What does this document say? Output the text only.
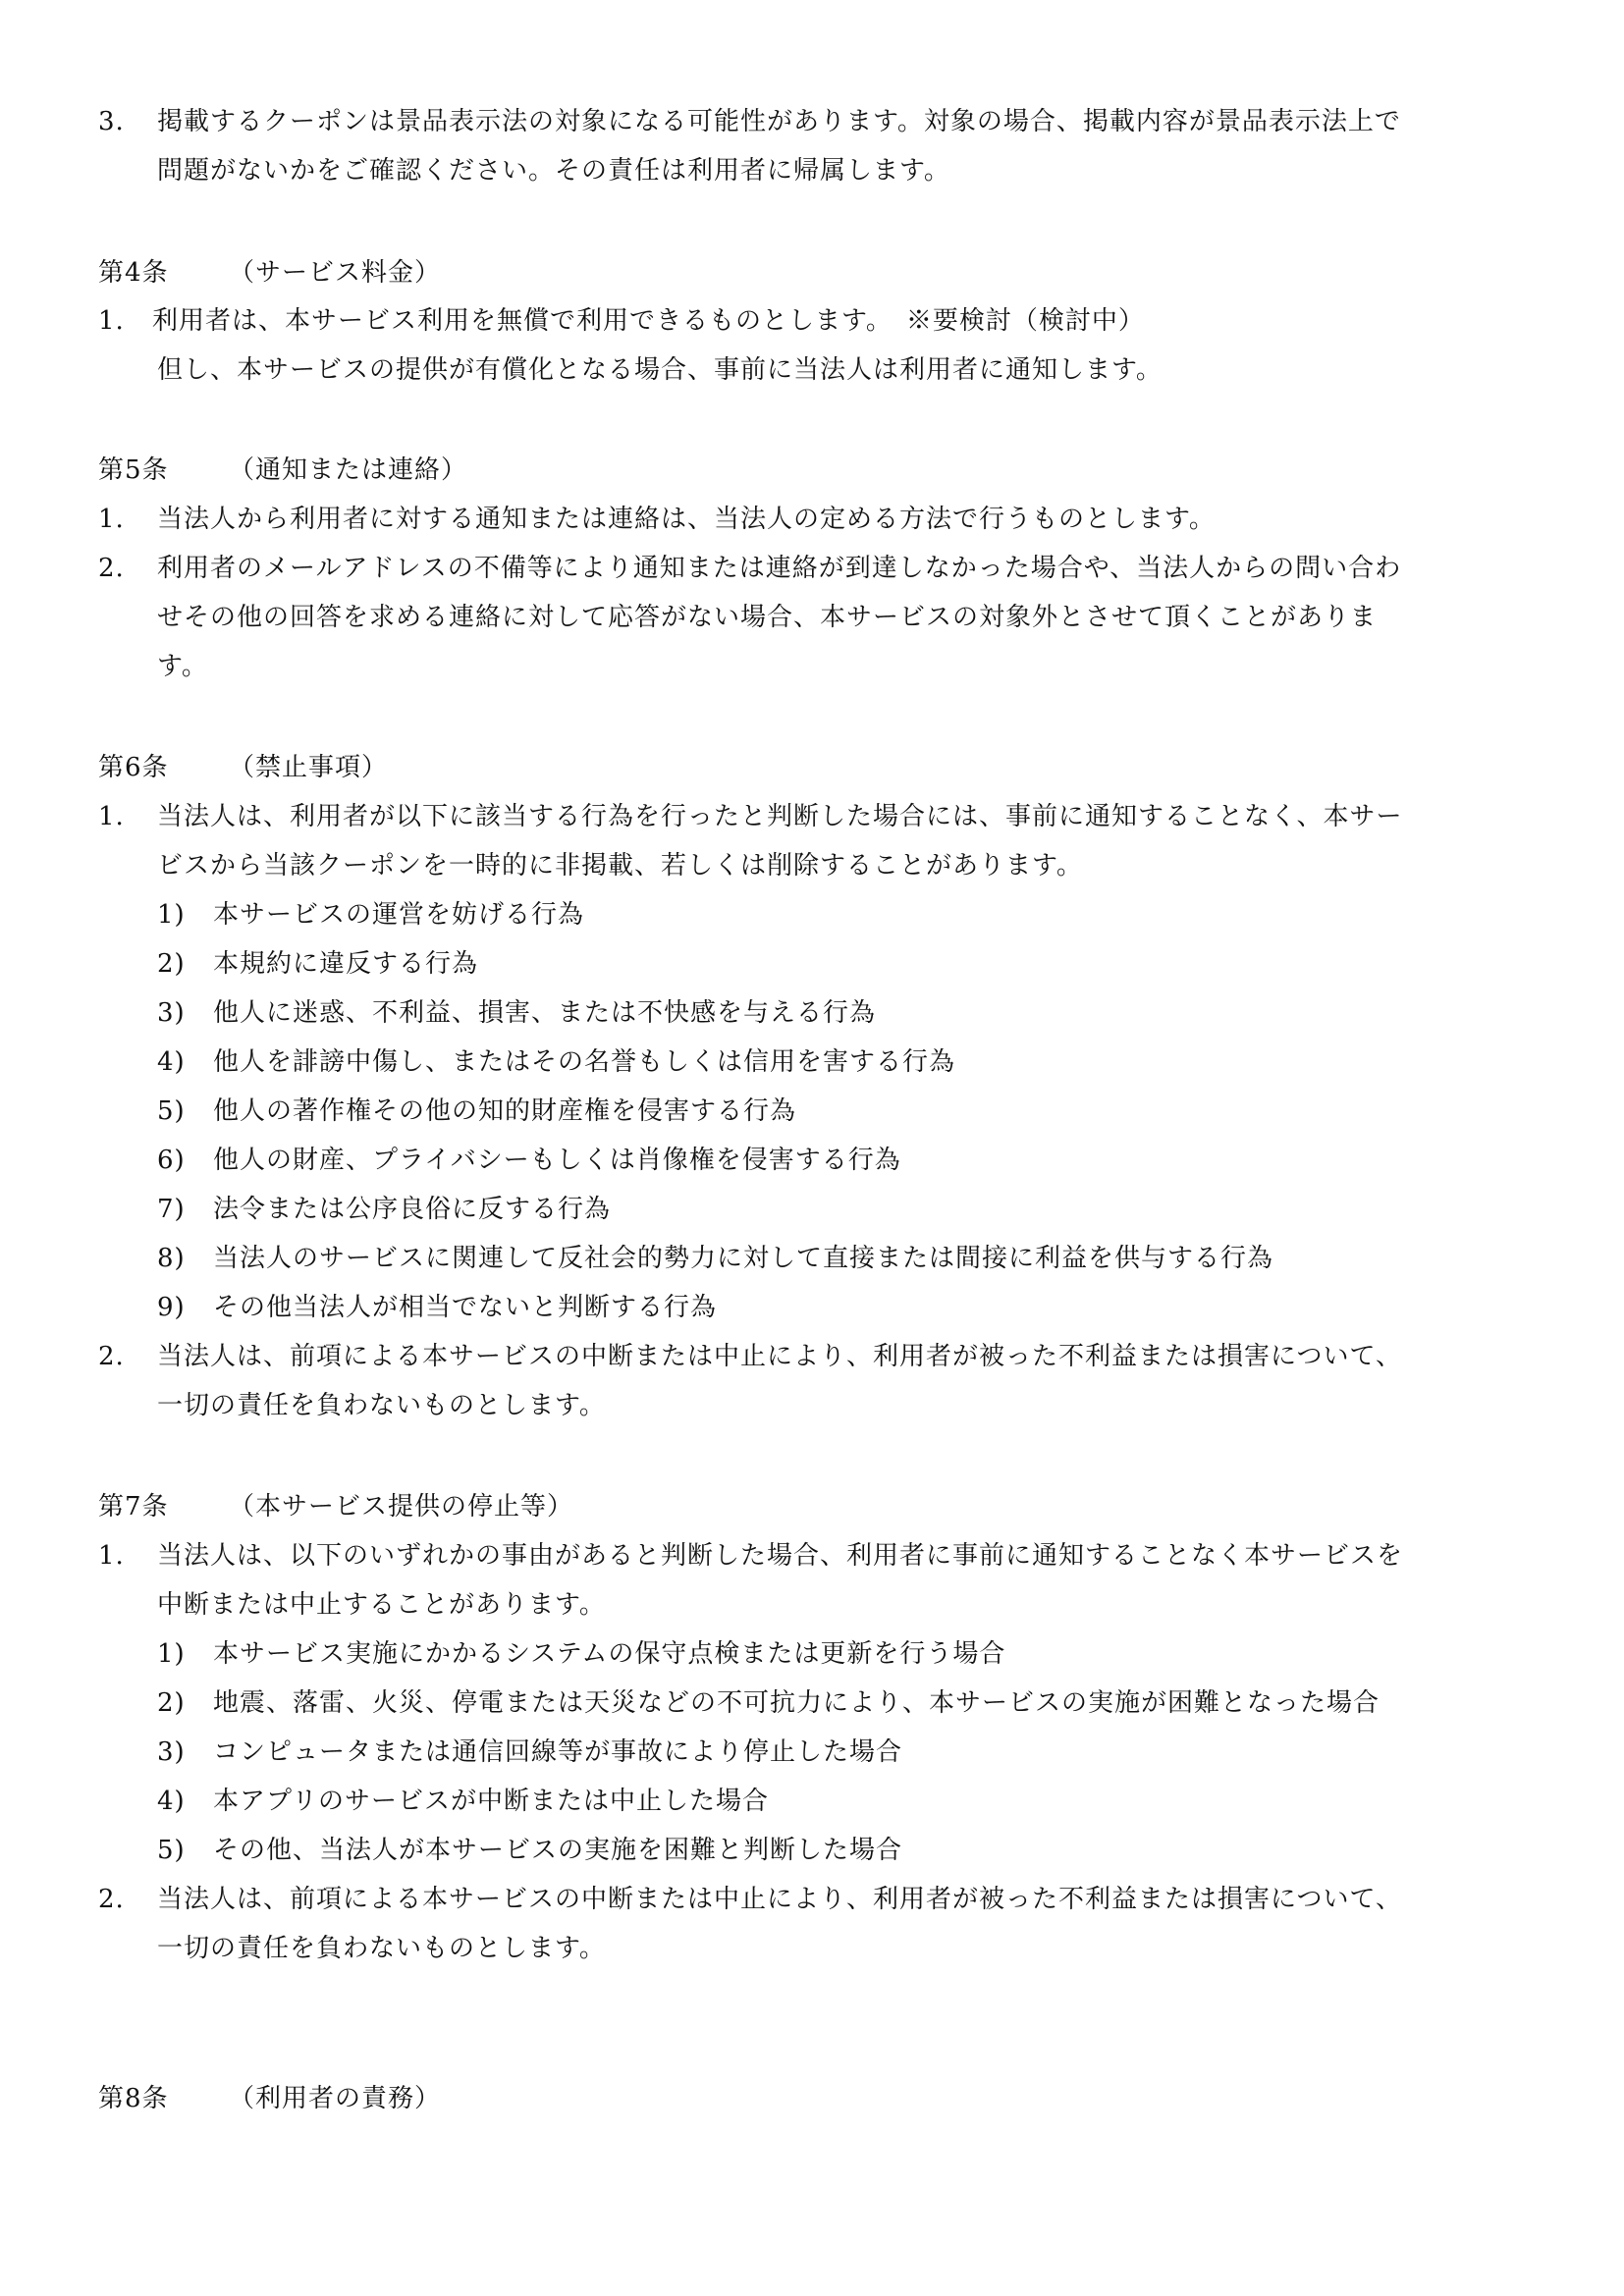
3. 掲載するクーポンは景品表示法の対象になる可能性があります。対象の場合、掲載内容が景品表示法上で
問題がないかをご確認ください。その責任は利用者に帰属します。
第4条 （サービス料金）
1. 利用者は、本サービス利用を無償で利用できるものとします。　※要検討（検討中）
但し、本サービスの提供が有償化となる場合、事前に当法人は利用者に通知します。
第5条 （通知または連絡）
1. 当法人から利用者に対する通知または連絡は、当法人の定める方法で行うものとします。
2. 利用者のメールアドレスの不備等により通知または連絡が到達しなかった場合や、当法人からの問い合わ
せその他の回答を求める連絡に対して応答がない場合、本サービスの対象外とさせて頂くことがありま
す。
第6条 （禁止事項）
1. 当法人は、利用者が以下に該当する行為を行ったと判断した場合には、事前に通知することなく、本サー
ビスから当該クーポンを一時的に非掲載、若しくは削除することがあります。
1) 本サービスの運営を妨げる行為
2) 本規約に違反する行為
3) 他人に迷惑、不利益、損害、または不快感を与える行為
4) 他人を誹謗中傷し、またはその名誉もしくは信用を害する行為
5) 他人の著作権その他の知的財産権を侵害する行為
6) 他人の財産、プライバシーもしくは肖像権を侵害する行為
7) 法令または公序良俗に反する行為
8) 当法人のサービスに関連して反社会的勢力に対して直接または間接に利益を供与する行為
9) その他当法人が相当でないと判断する行為
2. 当法人は、前項による本サービスの中断または中止により、利用者が被った不利益または損害について、
一切の責任を負わないものとします。
第7条 （本サービス提供の停止等）
1. 当法人は、以下のいずれかの事由があると判断した場合、利用者に事前に通知することなく本サービスを
中断または中止することがあります。
1) 本サービス実施にかかるシステムの保守点検または更新を行う場合
2) 地震、落雷、火災、停電または天災などの不可抗力により、本サービスの実施が困難となった場合
3) コンピュータまたは通信回線等が事故により停止した場合
4) 本アプリのサービスが中断または中止した場合
5) その他、当法人が本サービスの実施を困難と判断した場合
2. 当法人は、前項による本サービスの中断または中止により、利用者が被った不利益または損害について、
一切の責任を負わないものとします。
第8条 （利用者の責務）
